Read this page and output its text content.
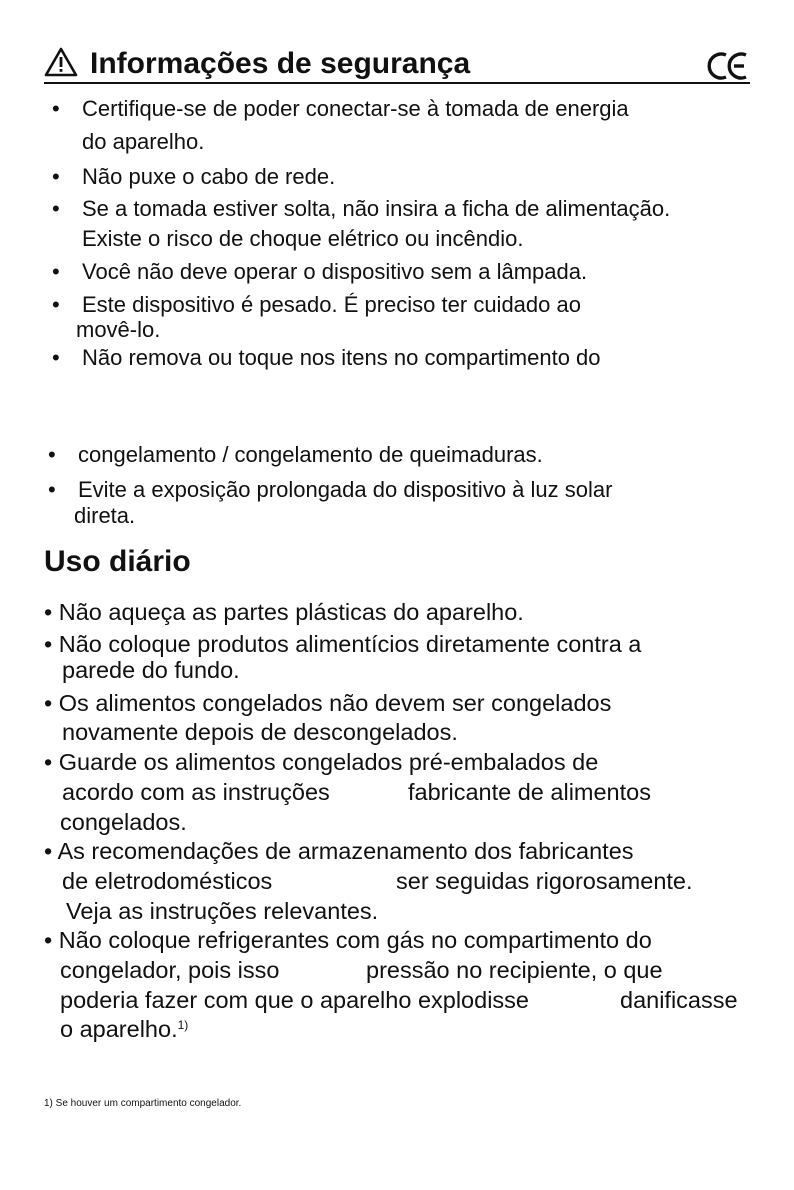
Informações de segurança
• Certifique-se de poder conectar-se à tomada de energia
do aparelho.
• Não puxe o cabo de rede.
• Se a tomada estiver solta, não insira a ficha de alimentação.
Existe o risco de choque elétrico ou incêndio.
• Você não deve operar o dispositivo sem a lâmpada.
• Este dispositivo é pesado. É preciso ter cuidado ao
movê-lo.
• Não remova ou toque nos itens no compartimento do
• congelamento / congelamento de queimaduras.
• Evite a exposição prolongada do dispositivo à luz solar
direta.
Uso diário
• Não aqueça as partes plásticas do aparelho.
• Não coloque produtos alimentícios diretamente contra a
parede do fundo.
• Os alimentos congelados não devem ser congelados
novamente depois de descongelados.
• Guarde os alimentos congelados pré-embalados de
acordo com as instruções	fabricante de alimentos
congelados.
• As recomendações de armazenamento dos fabricantes
de eletrodomésticos	ser seguidas rigorosamente.
Veja as instruções relevantes.
• Não coloque refrigerantes com gás no compartimento do
congelador, pois isso	pressão no recipiente, o que
poderia fazer com que o aparelho explodisse	danificasse
o aparelho.$^{1)}$
1) Se houver um compartimento congelador.
